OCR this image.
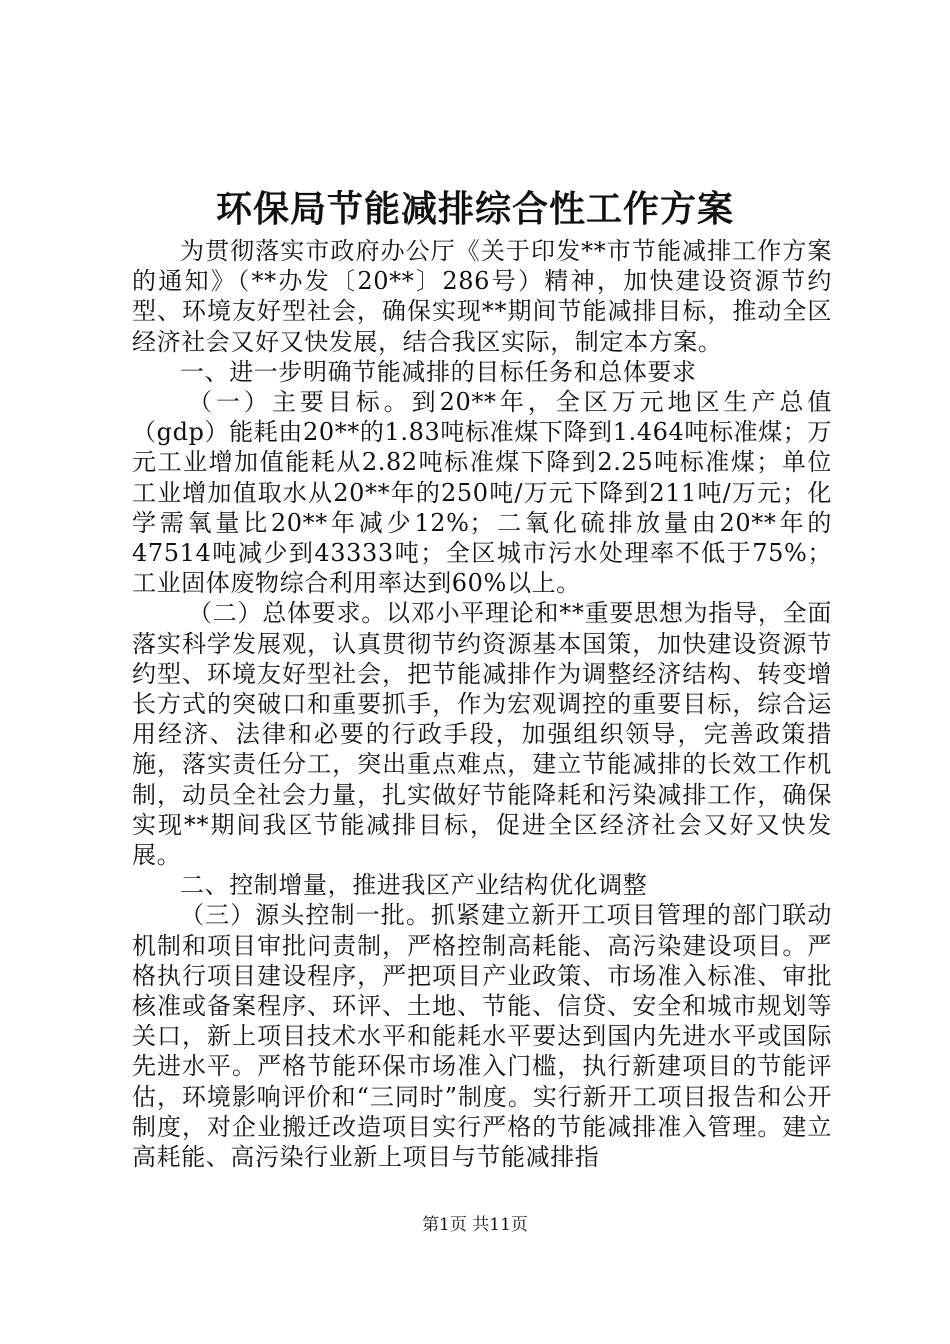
环保局节能减排综合性工作方案

为贯彻落实市政府办公厅《关于印发**市节能减排工作方案的通知》（**办发〔20**〕286号）精神，加快建设资源节约型、环境友好型社会，确保实现**期间节能减排目标，推动全区经济社会又好又快发展，结合我区实际，制定本方案。

一、进一步明确节能减排的目标任务和总体要求

（一）主要目标。到20**年，全区万元地区生产总值（gdp）能耗由20**的1.83吨标准煤下降到1.464吨标准煤；万元工业增加值能耗从2.82吨标准煤下降到2.25吨标准煤；单位工业增加值取水从20**年的250吨/万元下降到211吨/万元；化学需氧量比20**年减少12%；二氧化硫排放量由20**年的47514吨减少到43333吨；全区城市污水处理率不低于75%；工业固体废物综合利用率达到60%以上。

（二）总体要求。以邓小平理论和**重要思想为指导，全面落实科学发展观，认真贯彻节约资源基本国策，加快建设资源节约型、环境友好型社会，把节能减排作为调整经济结构、转变增长方式的突破口和重要抓手，作为宏观调控的重要目标，综合运用经济、法律和必要的行政手段，加强组织领导，完善政策措施，落实责任分工，突出重点难点，建立节能减排的长效工作机制，动员全社会力量，扎实做好节能降耗和污染减排工作，确保实现**期间我区节能减排目标，促进全区经济社会又好又快发展。

二、控制增量，推进我区产业结构优化调整

（三）源头控制一批。抓紧建立新开工项目管理的部门联动机制和项目审批问责制，严格控制高耗能、高污染建设项目。严格执行项目建设程序，严把项目产业政策、市场准入标准、审批核准或备案程序、环评、土地、节能、信贷、安全和城市规划等关口，新上项目技术水平和能耗水平要达到国内先进水平或国际先进水平。严格节能环保市场准入门槛，执行新建项目的节能评估，环境影响评价和“三同时”制度。实行新开工项目报告和公开制度，对企业搬迁改造项目实行严格的节能减排准入管理。建立高耗能、高污染行业新上项目与节能减排指

第1页 共11页
